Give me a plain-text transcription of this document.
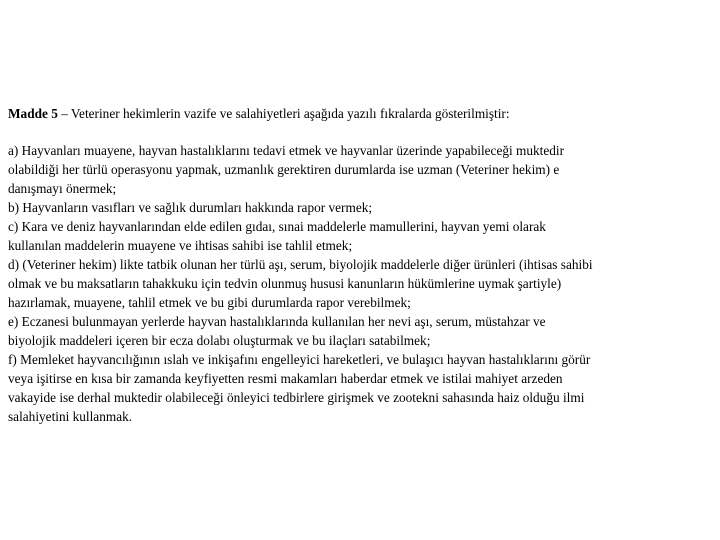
Madde 5 – Veteriner hekimlerin vazife ve salahiyetleri aşağıda yazılı fıkralarda gösterilmiştir:

a) Hayvanları muayene, hayvan hastalıklarını tedavi etmek ve hayvanlar üzerinde yapabileceği muktedir
olabildiği her türlü operasyonu yapmak, uzmanlık gerektiren durumlarda ise uzman (Veteriner hekim) e
danışmayı önermek;

b) Hayvanların vasıfları ve sağlık durumları hakkında rapor vermek;

c) Kara ve deniz hayvanlarından elde edilen gıdaı, sınai maddelerle mamullerini, hayvan yemi olarak
kullanılan maddelerin muayene ve ihtisas sahibi ise tahlil etmek;

d) (Veteriner hekim) likte tatbik olunan her türlü aşı, serum, biyolojik maddelerle diğer ürünleri (ihtisas sahibi
olmak ve bu maksatların tahakkuku için tedvin olunmuş hususi kanunların hükümlerine uymak şartiyle)
hazırlamak, muayene, tahlil etmek ve bu gibi durumlarda rapor verebilmek;

e) Eczanesi bulunmayan yerlerde hayvan hastalıklarında kullanılan her nevi aşı, serum, müstahzar ve
biyolojik maddeleri içeren bir ecza dolabı oluşturmak ve bu ilaçları satabilmek;

f) Memleket hayvancılığının ıslah ve inkişafını engelleyici hareketleri, ve bulaşıcı hayvan hastalıklarını görür
veya işitirse en kısa bir zamanda keyfiyetten resmi makamları haberdar etmek ve istilai mahiyet arzeden
vakayide ise derhal muktedir olabileceği önleyici tedbirlere girişmek ve zootekni sahasında haiz olduğu ilmi
salahiyetini kullanmak.
